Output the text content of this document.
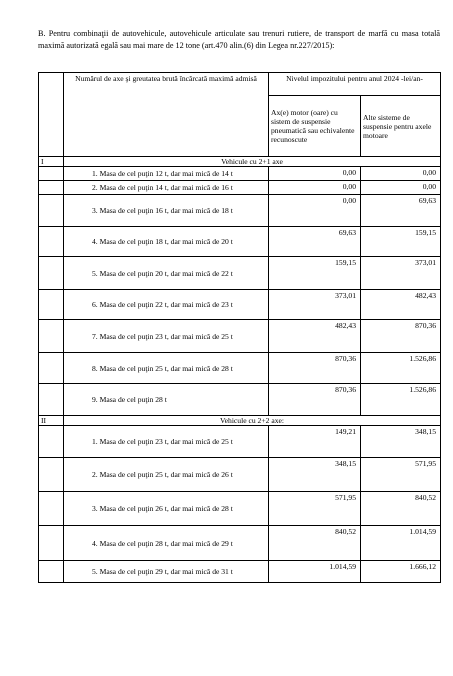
B. Pentru combinaţii de autovehicule, autovehicule articulate sau trenuri rutiere, de transport de marfă cu masa totală maximă autorizată egală sau mai mare de 12 tone (art.470 alin.(6) din Legea nr.227/2015):
	Numărul de axe şi greutatea brută încărcată maximă admisă	Nivelul impozitului pentru anul 2024 -lei/an-	
		Ax(e) motor (oare) cu sistem de suspensie pneumatică sau echivalente recunoscute	Alte sisteme de suspensie pentru axele motoare
I	Vehicule cu 2+1 axe		
	1. Masa de cel puţin 12 t, dar mai mică de 14 t	0,00	0,00
	2. Masa de cel puţin 14 t, dar mai mică de 16 t	0,00	0,00
	3. Masa de cel puţin 16 t, dar mai mică de 18 t	0,00	69,63
	4. Masa de cel puţin 18 t, dar mai mică de 20 t	69,63	159,15
	5. Masa de cel puţin 20 t, dar mai mică de 22 t	159,15	373,01
	6. Masa de cel puţin 22 t, dar mai mică de 23 t	373,01	482,43
	7. Masa de cel puţin 23 t, dar mai mică de 25 t	482,43	870,36
	8. Masa de cel puţin 25 t, dar mai mică de 28 t	870,36	1.526,86
	9. Masa de cel puţin 28 t	870,36	1.526,86
II	Vehicule cu 2+2 axe:		
	1. Masa de cel puţin 23 t, dar mai mică de 25 t	149,21	348,15
	2. Masa de cel puţin 25 t, dar mai mică de 26 t	348,15	571,95
	3. Masa de cel puţin 26 t, dar mai mică de 28 t	571,95	840,52
	4. Masa de cel puţin 28 t, dar mai mică de 29 t	840,52	1.014,59
	5. Masa de cel puţin 29 t, dar mai mică de 31 t	1.014,59	1.666,12
